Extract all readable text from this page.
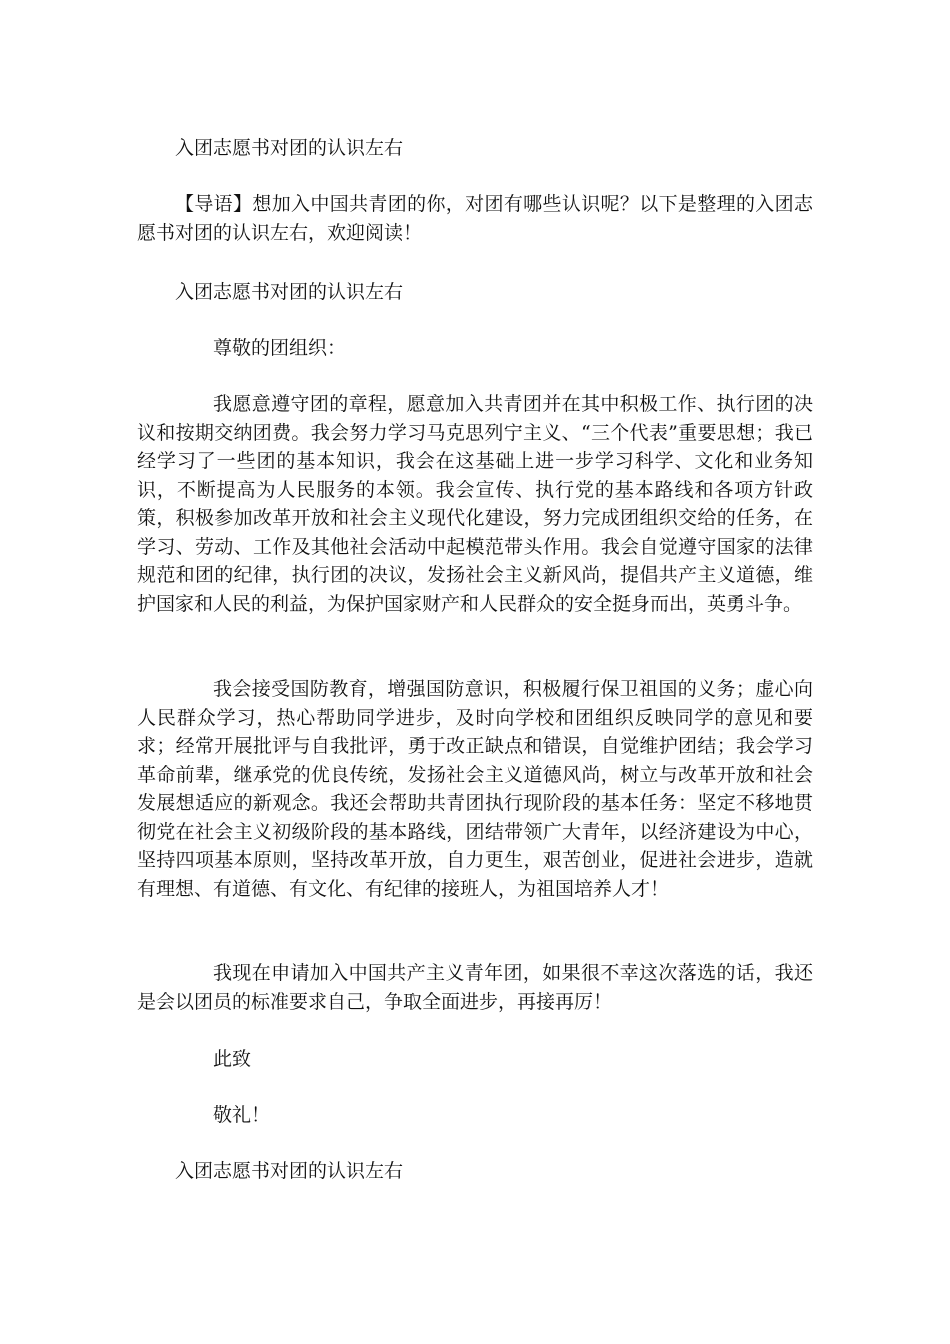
入团志愿书对团的认识左右
【导语】想加入中国共青团的你，对团有哪些认识呢？以下是整理的入团志愿书对团的认识左右，欢迎阅读！
入团志愿书对团的认识左右
尊敬的团组织：
我愿意遵守团的章程，愿意加入共青团并在其中积极工作、执行团的决议和按期交纳团费。我会努力学习马克思列宁主义、“三个代表”重要思想；我已经学习了一些团的基本知识，我会在这基础上进一步学习科学、文化和业务知识，不断提高为人民服务的本领。我会宣传、执行党的基本路线和各项方针政策，积极参加改革开放和社会主义现代化建设，努力完成团组织交给的任务，在学习、劳动、工作及其他社会活动中起模范带头作用。我会自觉遵守国家的法律规范和团的纪律，执行团的决议，发扬社会主义新风尚，提倡共产主义道德，维护国家和人民的利益，为保护国家财产和人民群众的安全挺身而出，英勇斗争。
我会接受国防教育，增强国防意识，积极履行保卫祖国的义务；虚心向人民群众学习，热心帮助同学进步，及时向学校和团组织反映同学的意见和要求；经常开展批评与自我批评，勇于改正缺点和错误，自觉维护团结；我会学习革命前辈，继承党的优良传统，发扬社会主义道德风尚，树立与改革开放和社会发展想适应的新观念。我还会帮助共青团执行现阶段的基本任务：坚定不移地贯彻党在社会主义初级阶段的基本路线，团结带领广大青年，以经济建设为中心，坚持四项基本原则，坚持改革开放，自力更生，艰苦创业，促进社会进步，造就有理想、有道德、有文化、有纪律的接班人，为祖国培养人才！
我现在申请加入中国共产主义青年团，如果很不幸这次落选的话，我还是会以团员的标准要求自己，争取全面进步，再接再厉！
此致
敬礼！
入团志愿书对团的认识左右
